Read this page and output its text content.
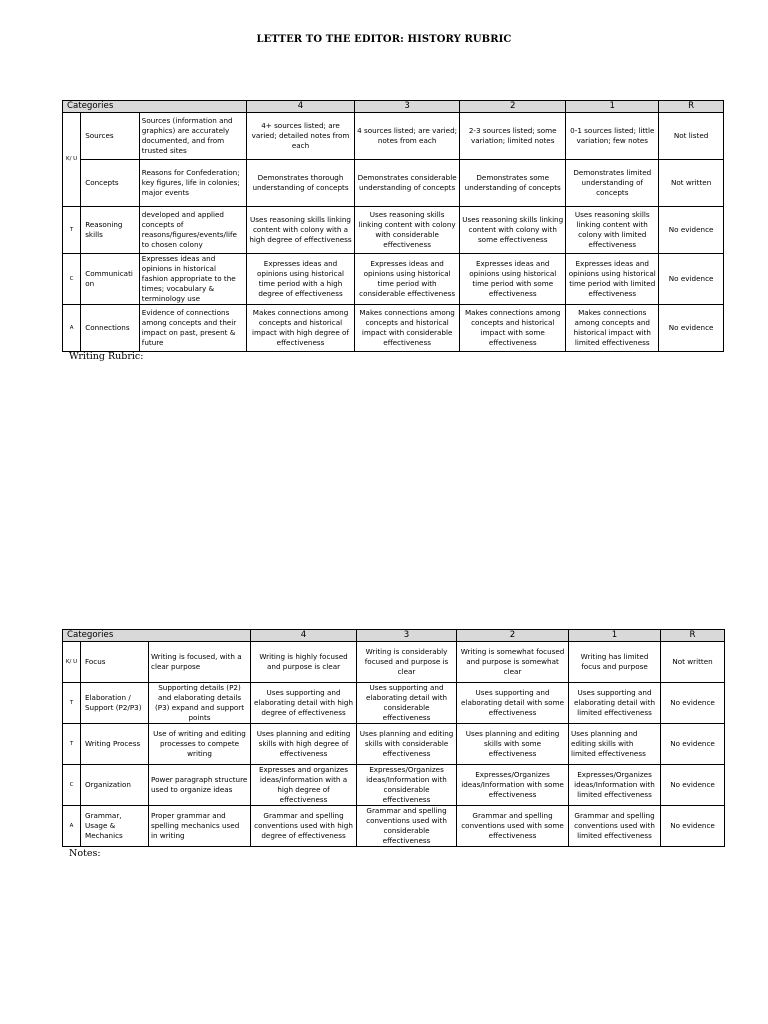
LETTER TO THE EDITOR: HISTORY RUBRIC
Categories			4	3	2	1	R
K/ U	Sources	Sources (information and graphics) are accurately documented, and from trusted sites	4+ sources listed; are varied; detailed notes from each	4 sources listed; are varied; notes from each	2-3 sources listed; some variation; limited notes	0-1 sources listed; little variation; few notes	Not listed
	Concepts	Reasons for Confederation; key figures, life in colonies; major events	Demonstrates thorough understanding of concepts	Demonstrates considerable understanding of concepts	Demonstrates some understanding of concepts	Demonstrates limited understanding of concepts	Not written
T	Reasoning skills	developed and applied concepts of reasons/figures/events/life to chosen colony	Uses reasoning skills linking content with colony with a high degree of effectiveness	Uses reasoning skills linking content with colony with considerable effectiveness	Uses reasoning skills linking content with colony with some effectiveness	Uses reasoning skills linking content with colony with limited effectiveness	No evidence
C	Communication	Expresses ideas and opinions in historical fashion appropriate to the times; vocabulary & terminology use	Expresses ideas and opinions using historical time period with a high degree of effectiveness	Expresses ideas and opinions using historical time period with considerable effectiveness	Expresses ideas and opinions using historical time period with some effectiveness	Expresses ideas and opinions using historical time period with limited effectiveness	No evidence
A	Connections	Evidence of connections among concepts and their impact on past, present & future	Makes connections among concepts and historical impact with high degree of effectiveness	Makes connections among concepts and historical impact with considerable effectiveness	Makes connections among concepts and historical impact with some effectiveness	Makes connections among concepts and historical impact with limited effectiveness	No evidence
Writing Rubric:
Categories			4	3	2	1	R
K/ U	Focus	Writing is focused, with a clear purpose	Writing is highly focused and purpose is clear	Writing is considerably focused and purpose is clear	Writing is somewhat focused and purpose is somewhat clear	Writing has limited focus and purpose	Not written
T	Elaboration / Support (P2/P3)	Supporting details (P2) and elaborating details (P3) expand and support points	Uses supporting and elaborating detail with high degree of effectiveness	Uses supporting and elaborating detail with considerable effectiveness	Uses supporting and elaborating detail with some effectiveness	Uses supporting and elaborating detail with limited effectiveness	No evidence
T	Writing Process	Use of writing and editing processes to compete writing	Uses planning and editing skills with high degree of effectiveness	Uses planning and editing skills with considerable effectiveness	Uses planning and editing skills with some effectiveness	Uses planning and editing skills with limited effectiveness	No evidence
C	Organization	Power paragraph structure used to organize ideas	Expresses and organizes ideas/information with a high degree of effectiveness	Expresses/Organizes ideas/Information with considerable effectiveness	Expresses/Organizes ideas/Information with some effectiveness	Expresses/Organizes ideas/Information with limited effectiveness	No evidence
A	Grammar, Usage & Mechanics	Proper grammar and spelling mechanics used in writing	Grammar and spelling conventions used with high degree of effectiveness	Grammar and spelling conventions used with considerable effectiveness	Grammar and spelling conventions used with some effectiveness	Grammar and spelling conventions used with limited effectiveness	No evidence
Notes:
